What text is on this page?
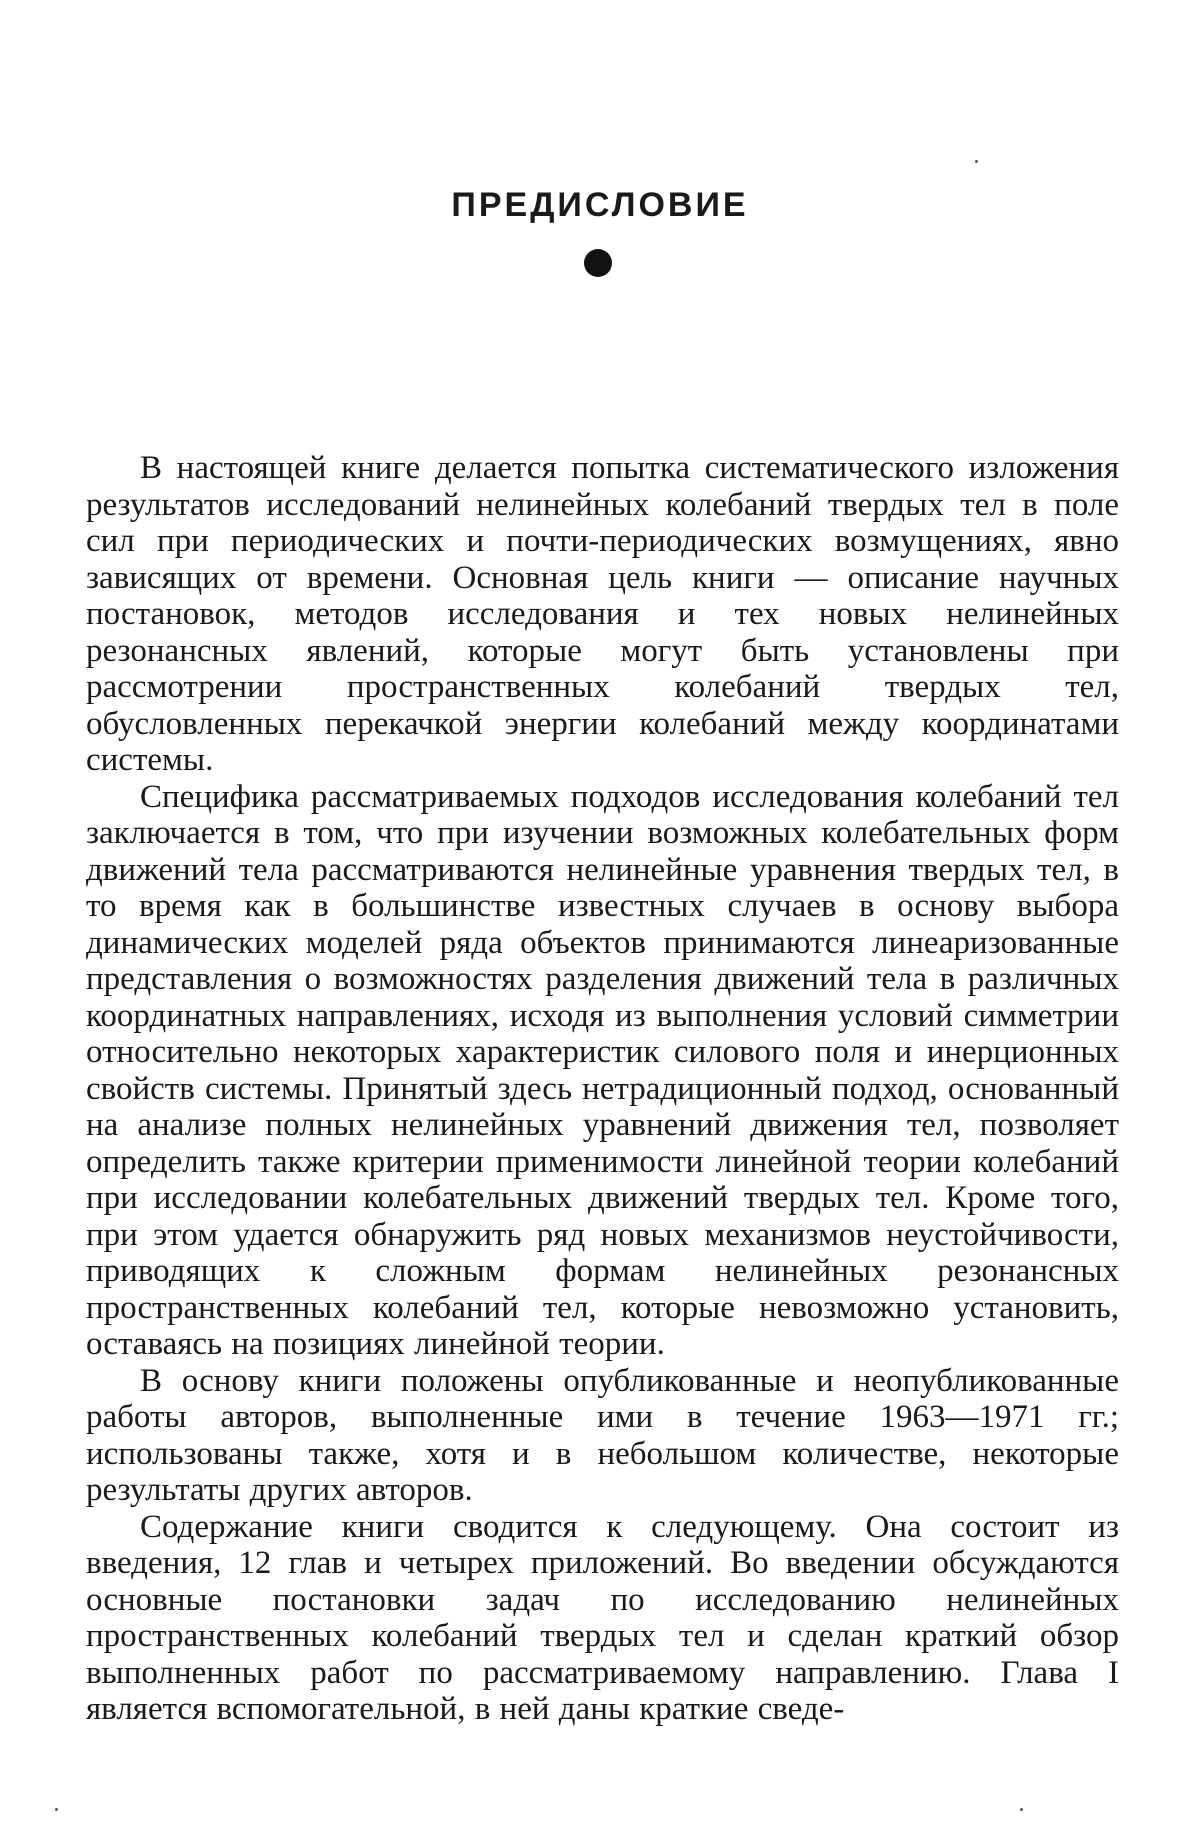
ПРЕДИСЛОВИЕ

В настоящей книге делается попытка систематического изложения результатов исследований нелинейных колебаний твердых тел в поле сил при периодических и почти-периодических возмущениях, явно зависящих от времени. Основная цель книги — описание научных постановок, методов исследования и тех новых нелинейных резонансных явлений, которые могут быть установлены при рассмотрении пространственных колебаний твердых тел, обусловленных перекачкой энергии колебаний между координатами системы.

Специфика рассматриваемых подходов исследования колебаний тел заключается в том, что при изучении возможных колебательных форм движений тела рассматриваются нелинейные уравнения твердых тел, в то время как в большинстве известных случаев в основу выбора динамических моделей ряда объектов принимаются линеаризованные представления о возможностях разделения движений тела в различных координатных направлениях, исходя из выполнения условий симметрии относительно некоторых характеристик силового поля и инерционных свойств системы. Принятый здесь нетрадиционный подход, основанный на анализе полных нелинейных уравнений движения тел, позволяет определить также критерии применимости линейной теории колебаний при исследовании колебательных движений твердых тел. Кроме того, при этом удается обнаружить ряд новых механизмов неустойчивости, приводящих к сложным формам нелинейных резонансных пространственных колебаний тел, которые невозможно установить, оставаясь на позициях линейной теории.

В основу книги положены опубликованные и неопубликованные работы авторов, выполненные ими в течение 1963—1971 гг.; использованы также, хотя и в небольшом количестве, некоторые результаты других авторов.

Содержание книги сводится к следующему. Она состоит из введения, 12 глав и четырех приложений. Во введении обсуждаются основные постановки задач по исследованию нелинейных пространственных колебаний твердых тел и сделан краткий обзор выполненных работ по рассматриваемому направлению. Глава I является вспомогательной, в ней даны краткие сведе-
